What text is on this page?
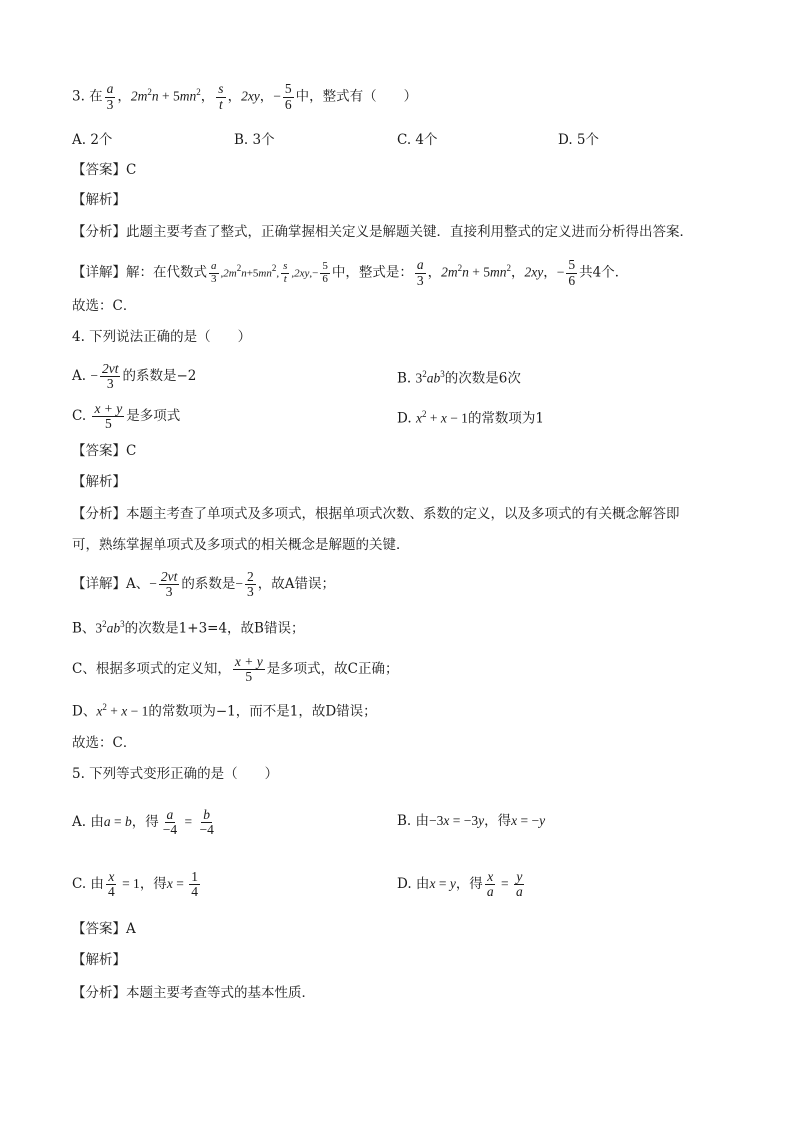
3. 在 $\frac{a}{3}$ ，$2m^2n + 5mn^2$， $\frac{s}{t}$ ，2xy，− $\frac{5}{6}$ 中，整式有（　　）
A. 2个	B. 3个	C. 4个	D. 5个
【答案】C
【解析】
【分析】此题主要考查了整式，正确掌握相关定义是解题关键．直接利用整式的定义进而分析得出答案．
【详解】解：在代数式 $\frac{a}{3} ,2m^2n+5mn^2$, $\frac{s}{t} ,2xy,- \frac{5}{6}$ 中，整式是： $\frac{a}{3}$ ，$2m^2n + 5mn^2$，2xy，− $\frac{5}{6}$ 共4个．
故选：C．
4. 下列说法正确的是（　　）
A. − $\frac{2vt}{3}$ 的系数是−2	B. $3^2ab^3$的次数是6次
C. $\frac{x + y}{5}$ 是多项式	D. $x^2 + x - 1$的常数项为1
【答案】C
【解析】
【分析】本题主考查了单项式及多项式，根据单项式次数、系数的定义，以及多项式的有关概念解答即
可，熟练掌握单项式及多项式的相关概念是解题的关键．
【详解】A、− $\frac{2vt}{3}$ 的系数是− $\frac{2}{3}$ ，故A错误；
B、$3^2ab^3$的次数是1+3=4，故B错误；
C、根据多项式的定义知， $\frac{x + y}{5}$ 是多项式，故C正确；
D、$x^2 + x - 1$的常数项为−1，而不是1，故D错误；
故选：C．
5. 下列等式变形正确的是（　　）
A. 由a = b，得 $\frac{a}{-4} = \frac{b}{-4}$	B. 由−3x = −3y，得x = −y
C. 由 $\frac{x}{4} = 1$，得$x = \frac{1}{4}$	D. 由x = y，得 $\frac{x}{a} = \frac{y}{a}$
【答案】A
【解析】
【分析】本题主要考查等式的基本性质．
